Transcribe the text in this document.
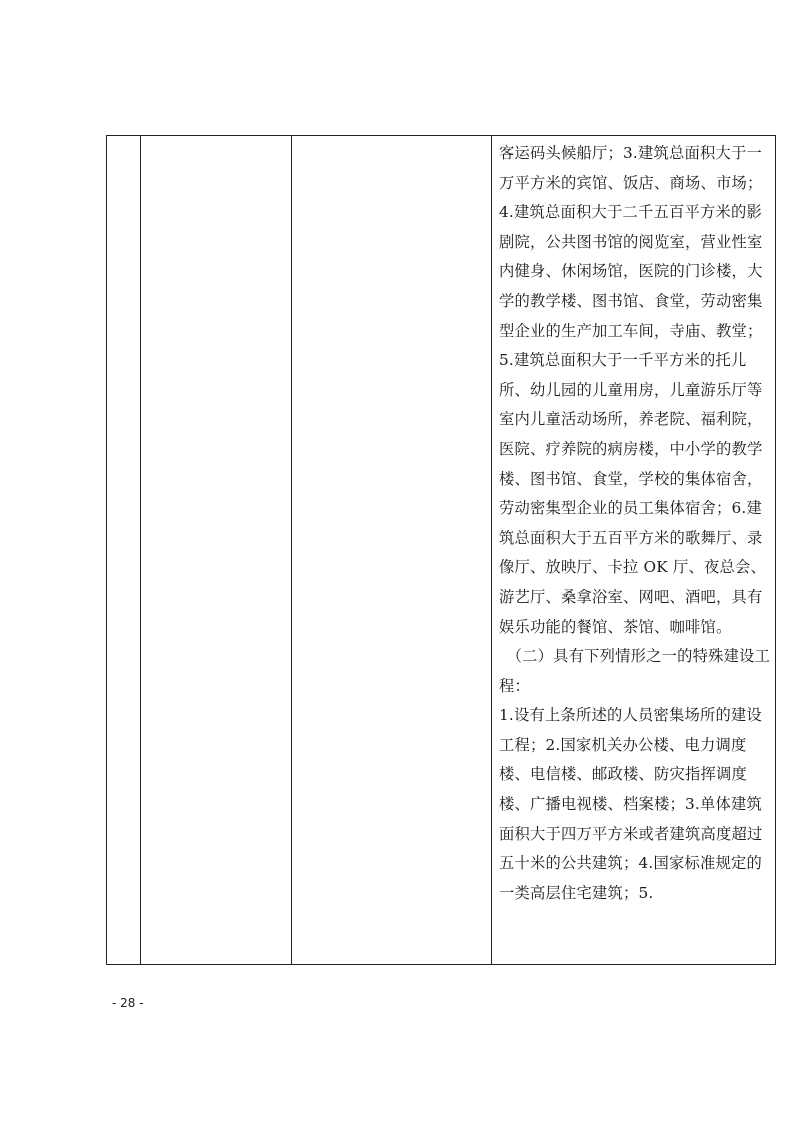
客运码头候船厅；3.建筑总面积大于一万平方米的宾馆、饭店、商场、市场；4.建筑总面积大于二千五百平方米的影剧院，公共图书馆的阅览室，营业性室内健身、休闲场馆，医院的门诊楼，大学的教学楼、图书馆、食堂，劳动密集型企业的生产加工车间，寺庙、教堂；5.建筑总面积大于一千平方米的托儿所、幼儿园的儿童用房，儿童游乐厅等室内儿童活动场所，养老院、福利院，医院、疗养院的病房楼，中小学的教学楼、图书馆、食堂，学校的集体宿舍，劳动密集型企业的员工集体宿舍；6.建筑总面积大于五百平方米的歌舞厅、录像厅、放映厅、卡拉 OK 厅、夜总会、游艺厅、桑拿浴室、网吧、酒吧，具有娱乐功能的餐馆、茶馆、咖啡馆。

（二）具有下列情形之一的特殊建设工程：

1.设有上条所述的人员密集场所的建设工程；2.国家机关办公楼、电力调度楼、电信楼、邮政楼、防灾指挥调度楼、广播电视楼、档案楼；3.单体建筑面积大于四万平方米或者建筑高度超过五十米的公共建筑；4.国家标准规定的一类高层住宅建筑；5.

- 28 -
